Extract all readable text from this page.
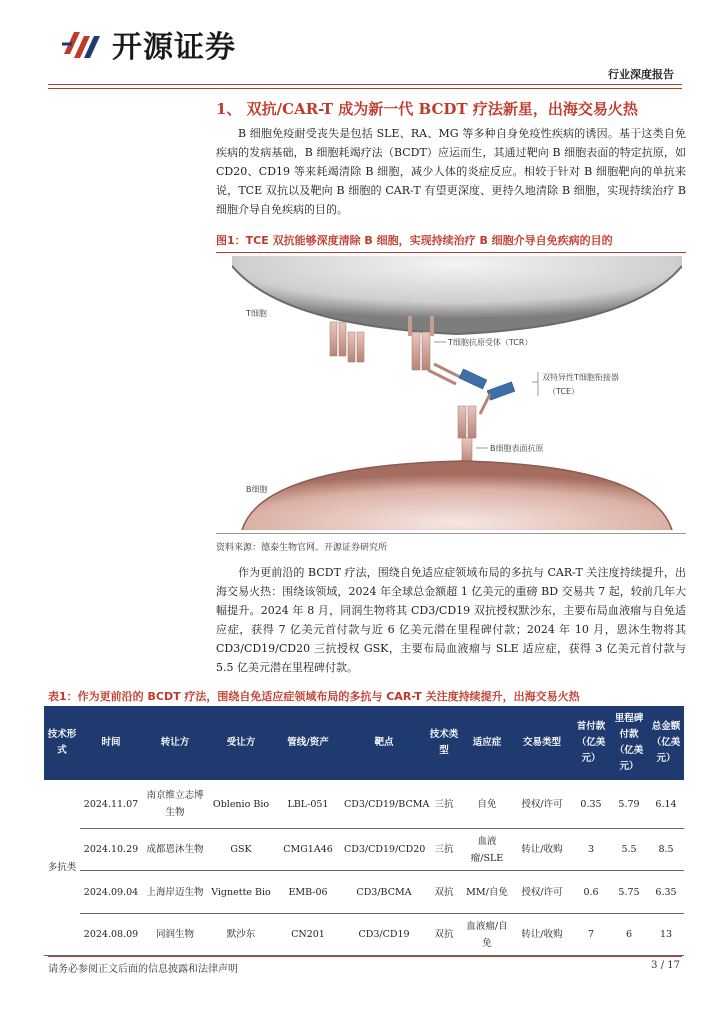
开源证券
行业深度报告
1、 双抗/CAR-T 成为新一代 BCDT 疗法新星，出海交易火热
B 细胞免疫耐受丧失是包括 SLE、RA、MG 等多种自身免疫性疾病的诱因。基于这类自免疾病的发病基础，B 细胞耗竭疗法（BCDT）应运而生，其通过靶向 B 细胞表面的特定抗原，如 CD20、CD19 等来耗竭清除 B 细胞，减少人体的炎症反应。相较于针对 B 细胞靶向的单抗来说，TCE 双抗以及靶向 B 细胞的 CAR-T 有望更深度、更持久地清除 B 细胞，实现持续治疗 B 细胞介导自免疾病的目的。
图1：TCE 双抗能够深度清除 B 细胞，实现持续治疗 B 细胞介导自免疾病的目的
T细胞
T细胞抗原受体（TCR）
双特异性T细胞衔接器
（TCE）
B细胞表面抗原
B细胞
资料来源：德泰生物官网、开源证券研究所
作为更前沿的 BCDT 疗法，围绕自免适应症领域布局的多抗与 CAR-T 关注度持续提升，出海交易火热：围绕该领域，2024 年全球总金额超 1 亿美元的重磅 BD 交易共 7 起，较前几年大幅提升。2024 年 8 月，同润生物将其 CD3/CD19 双抗授权默沙东，主要布局血液瘤与自免适应症，获得 7 亿美元首付款与近 6 亿美元潜在里程碑付款；2024 年 10 月，恩沐生物将其 CD3/CD19/CD20 三抗授权 GSK，主要布局血液瘤与 SLE 适应症，获得 3 亿美元首付款与 5.5 亿美元潜在里程碑付款。
表1：作为更前沿的 BCDT 疗法，围绕自免适应症领域布局的多抗与 CAR-T 关注度持续提升，出海交易火热
技术形式	时间	转让方	受让方	管线/资产	靶点	技术类型	适应症	交易类型	首付款（亿美元）	里程碑付款（亿美元）	总金额（亿美元）
多抗类	2024.11.07	南京维立志博生物	Oblenio Bio	LBL-051	CD3/CD19/BCMA	三抗	自免	授权/许可	0.35	5.79	6.14
	2024.10.29	成都恩沐生物	GSK	CMG1A46	CD3/CD19/CD20	三抗	血液瘤/SLE	转让/收购	3	5.5	8.5
	2024.09.04	上海岸迈生物	Vignette Bio	EMB-06	CD3/BCMA	双抗	MM/自免	授权/许可	0.6	5.75	6.35
	2024.08.09	同润生物	默沙东	CN201	CD3/CD19	双抗	血液瘤/自免	转让/收购	7	6	13
请务必参阅正文后面的信息披露和法律声明	3 / 17
